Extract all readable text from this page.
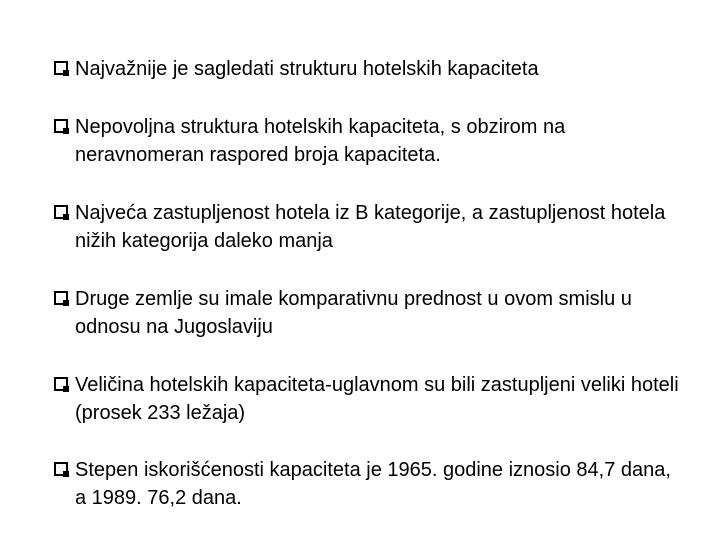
Najvažnije je sagledati strukturu hotelskih kapaciteta
Nepovoljna struktura hotelskih kapaciteta, s obzirom na neravnomeran raspored broja kapaciteta.
Najveća zastupljenost hotela iz B kategorije, a zastupljenost hotela nižih kategorija daleko manja
Druge zemlje su imale komparativnu prednost u ovom smislu u odnosu na Jugoslaviju
Veličina hotelskih kapaciteta-uglavnom su bili zastupljeni veliki hoteli (prosek 233 ležaja)
Stepen iskorišćenosti kapaciteta je 1965. godine iznosio 84,7 dana, a 1989. 76,2 dana.
